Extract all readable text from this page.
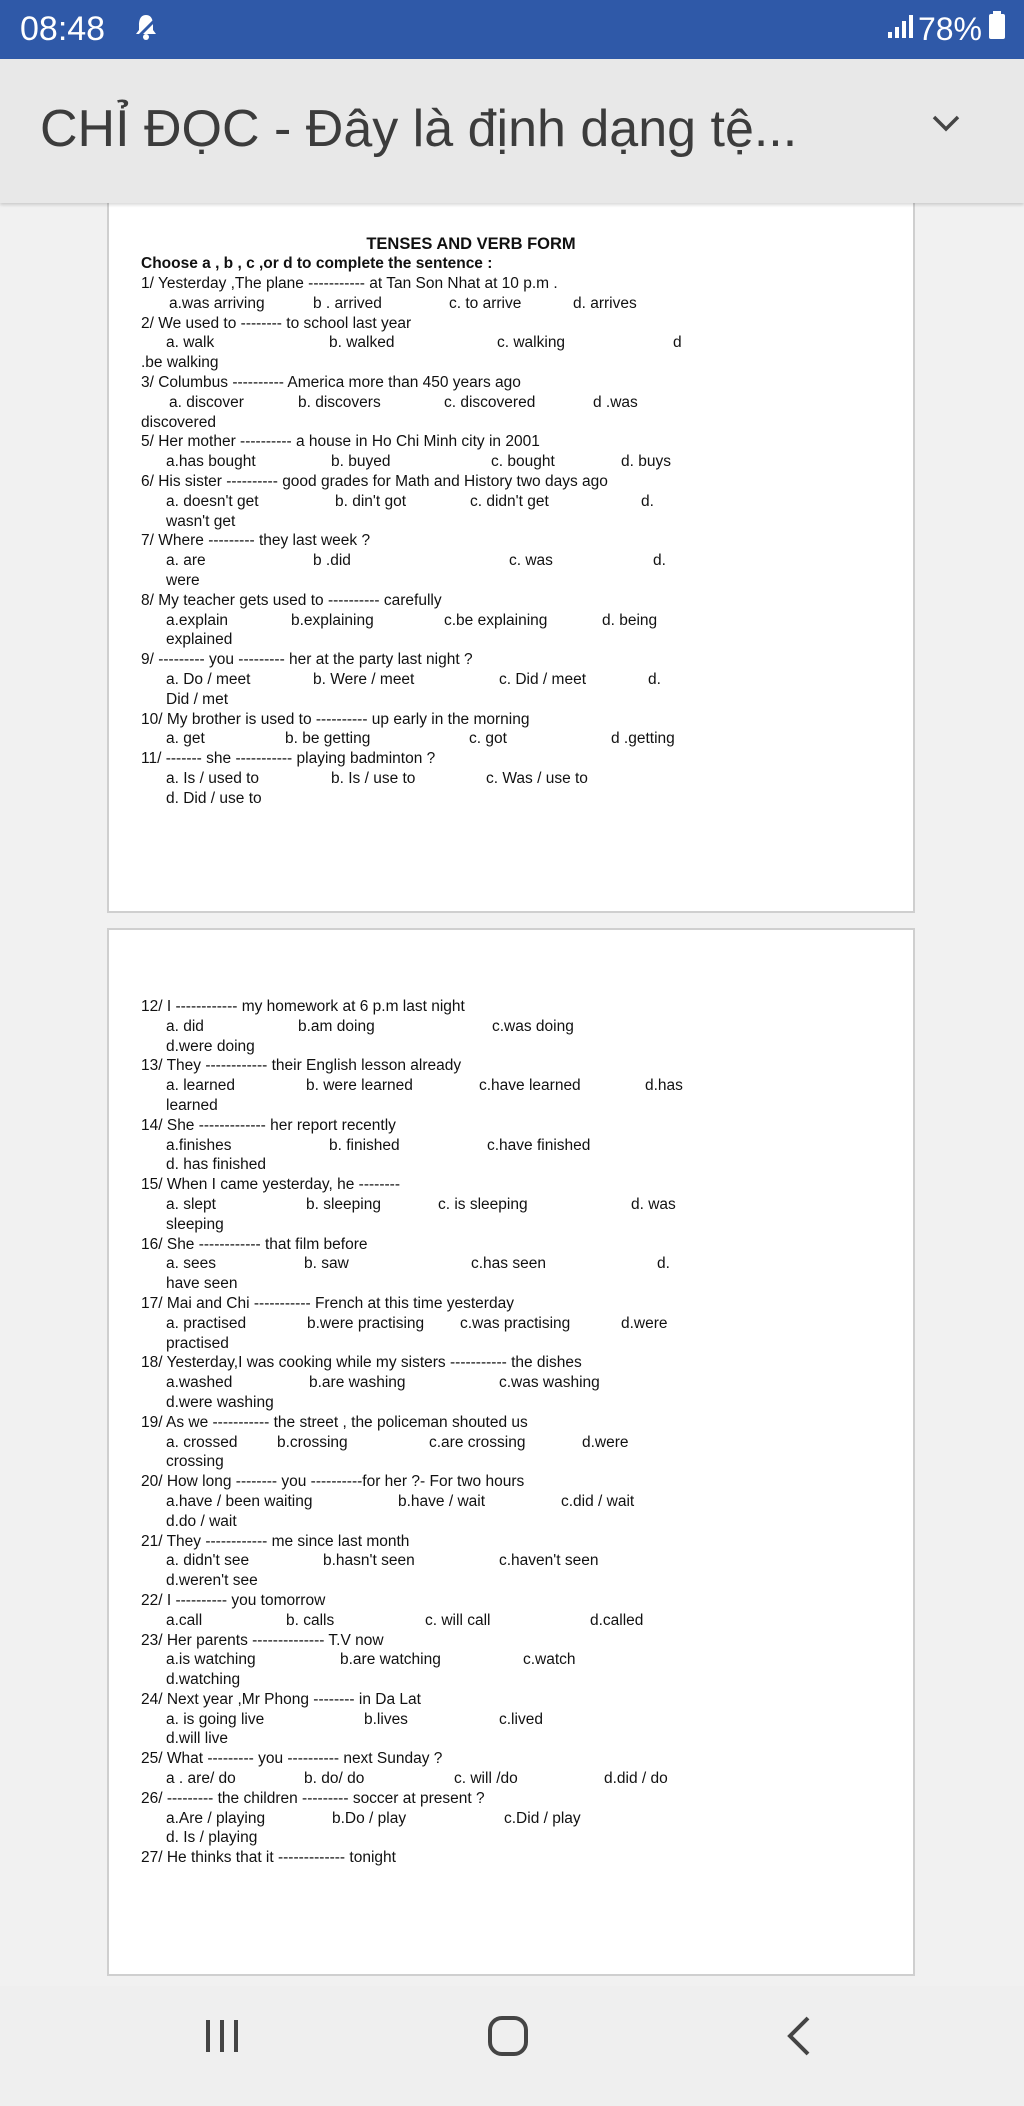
08:48	78%
CHỈ ĐỌC - Đây là định dạng tệ...
TENSES AND VERB FORM
Choose a , b , c ,or d to complete the sentence :
1/ Yesterday ,The plane ----------- at Tan Son Nhat at 10 p.m .
a.was arriving	b . arrived	c. to arrive	d. arrives
2/ We used to -------- to school last year
a. walk	b. walked	c. walking	d
.be walking
3/ Columbus ---------- America more than 450 years ago
a. discover	b. discovers	c. discovered	d .was
discovered
5/ Her mother ---------- a house in Ho Chi Minh city in 2001
a.has bought	b. buyed	c. bought	d. buys
6/ His sister ---------- good grades for Math and History two days ago
a. doesn't get	b. din't got	c. didn't get	d.
wasn't get
7/ Where --------- they last week ?
a. are	b .did	c. was	d.
were
8/ My teacher gets used to ---------- carefully
a.explain	b.explaining	c.be explaining	d. being
explained
9/ --------- you --------- her at the party last night ?
a. Do / meet	b. Were / meet	c. Did / meet	d.
Did / met
10/ My brother is used to ---------- up early in the morning
a. get	b. be getting	c. got	d .getting
11/ ------- she ----------- playing badminton ?
a. Is / used to	b. Is / use to	c. Was / use to
d. Did / use to
12/ I ------------ my homework at 6 p.m last night
a. did	b.am doing	c.was doing
d.were doing
13/ They ------------ their English lesson already
a. learned	b. were learned	c.have learned	d.has
learned
14/ She ------------- her report recently
a.finishes	b. finished	c.have finished
d. has finished
15/ When I came yesterday, he --------
a. slept	b. sleeping	c. is sleeping	d. was
sleeping
16/ She ------------ that film before
a. sees	b. saw	c.has seen	d.
have seen
17/ Mai and Chi ----------- French at this time yesterday
a. practised	b.were practising c.was practising	d.were
practised
18/ Yesterday,I was cooking while my sisters ----------- the dishes
a.washed	b.are washing	c.was washing
d.were washing
19/ As we ----------- the street , the policeman shouted us
a. crossed	b.crossing	c.are crossing	d.were
crossing
20/ How long -------- you ----------for her ?- For two hours
a.have / been waiting	b.have / wait	c.did / wait
d.do / wait
21/ They ------------ me since last month
a. didn't see	b.hasn't seen	c.haven't seen
d.weren't see
22/ I ---------- you tomorrow
a.call	b. calls	c. will call	d.called
23/ Her parents -------------- T.V now
a.is watching	b.are watching	c.watch
d.watching
24/ Next year ,Mr Phong -------- in Da Lat
a. is going live	b.lives	c.lived
d.will live
25/ What --------- you ---------- next Sunday ?
a . are/ do	b. do/ do	c. will /do	d.did / do
26/ --------- the children --------- soccer at present ?
a.Are / playing	b.Do / play	c.Did / play
d. Is / playing
27/ He thinks that it ------------- tonight
